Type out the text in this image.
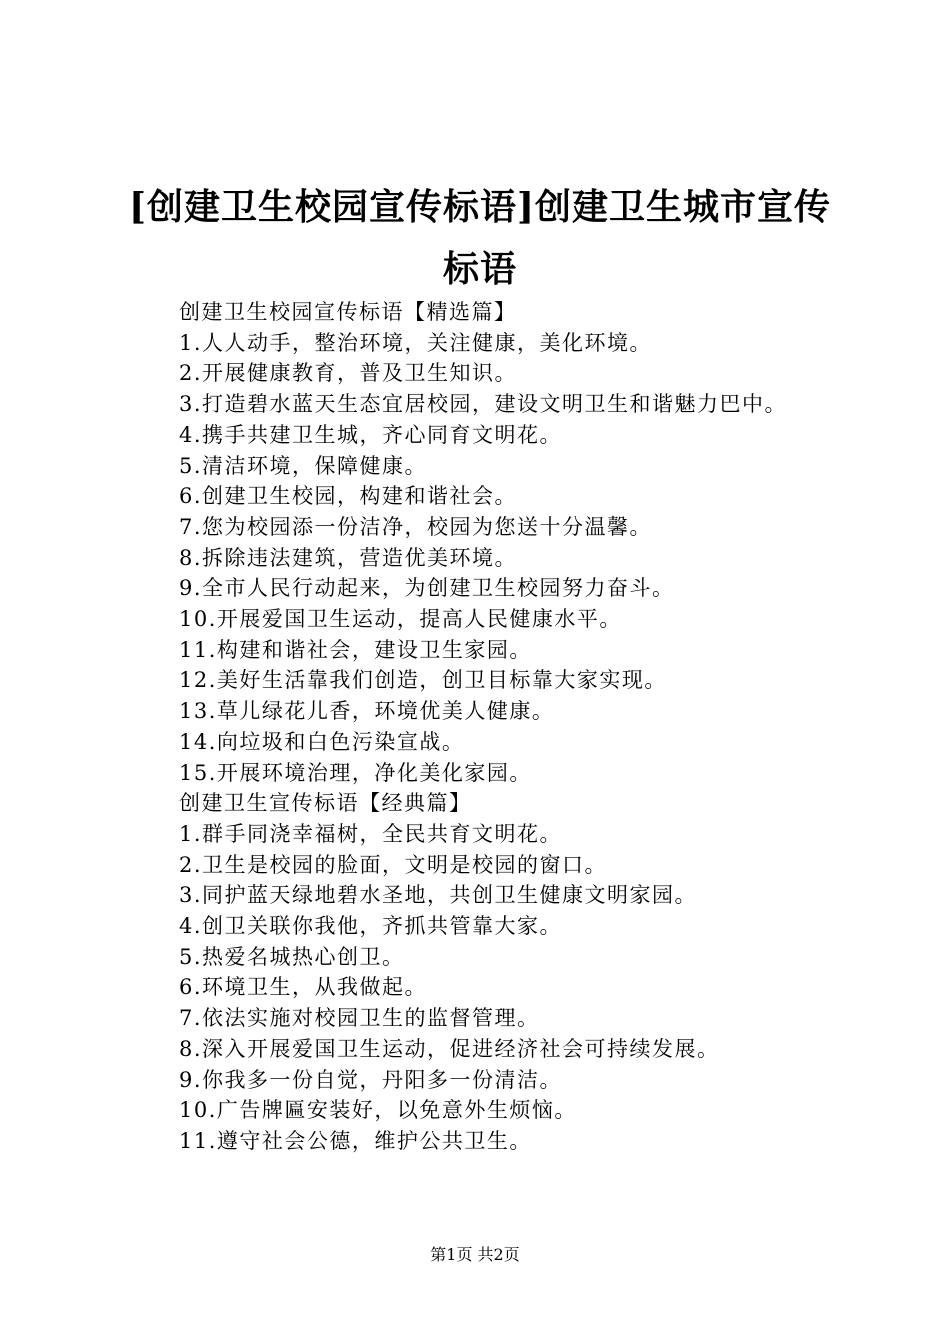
[创建卫生校园宣传标语]创建卫生城市宣传标语

创建卫生校园宣传标语【精选篇】

1.人人动手，整治环境，关注健康，美化环境。

2.开展健康教育，普及卫生知识。

3.打造碧水蓝天生态宜居校园，建设文明卫生和谐魅力巴中。

4.携手共建卫生城，齐心同育文明花。

5.清洁环境，保障健康。

6.创建卫生校园，构建和谐社会。

7.您为校园添一份洁净，校园为您送十分温馨。

8.拆除违法建筑，营造优美环境。

9.全市人民行动起来，为创建卫生校园努力奋斗。

10.开展爱国卫生运动，提高人民健康水平。

11.构建和谐社会，建设卫生家园。

12.美好生活靠我们创造，创卫目标靠大家实现。

13.草儿绿花儿香，环境优美人健康。

14.向垃圾和白色污染宣战。

15.开展环境治理，净化美化家园。

创建卫生宣传标语【经典篇】

1.群手同浇幸福树，全民共育文明花。

2.卫生是校园的脸面，文明是校园的窗口。

3.同护蓝天绿地碧水圣地，共创卫生健康文明家园。

4.创卫关联你我他，齐抓共管靠大家。

5.热爱名城热心创卫。

6.环境卫生，从我做起。

7.依法实施对校园卫生的监督管理。

8.深入开展爱国卫生运动，促进经济社会可持续发展。

9.你我多一份自觉，丹阳多一份清洁。

10.广告牌匾安装好，以免意外生烦恼。

11.遵守社会公德，维护公共卫生。

第1页 共2页
